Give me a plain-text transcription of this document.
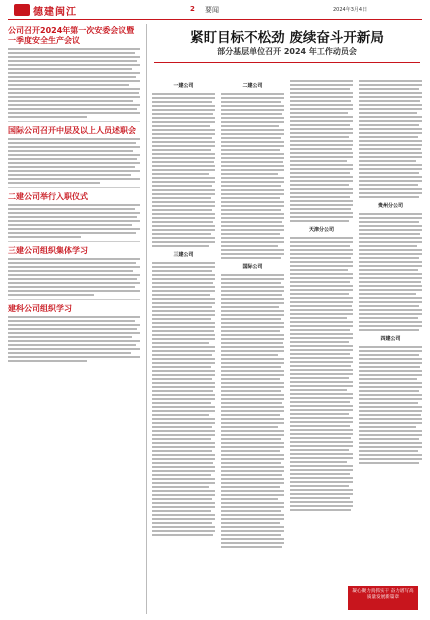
德建闽江	2 要闻	2024年3月4日
公司召开2024年第一次安委会议暨一季度安全生产会议
国际公司召开中层及以上人员述职会
二建公司举行入职仪式
三建公司组织集体学习
建科公司组织学习
紧盯目标不松劲 废续奋斗开新局
部分基层单位召开 2024 年工作动员会
一建公司
三建公司
二建公司
国际公司
天津分公司
贵州分公司
四建公司
凝心聚力真抓实干 奋力谱写高质量发展新篇章
